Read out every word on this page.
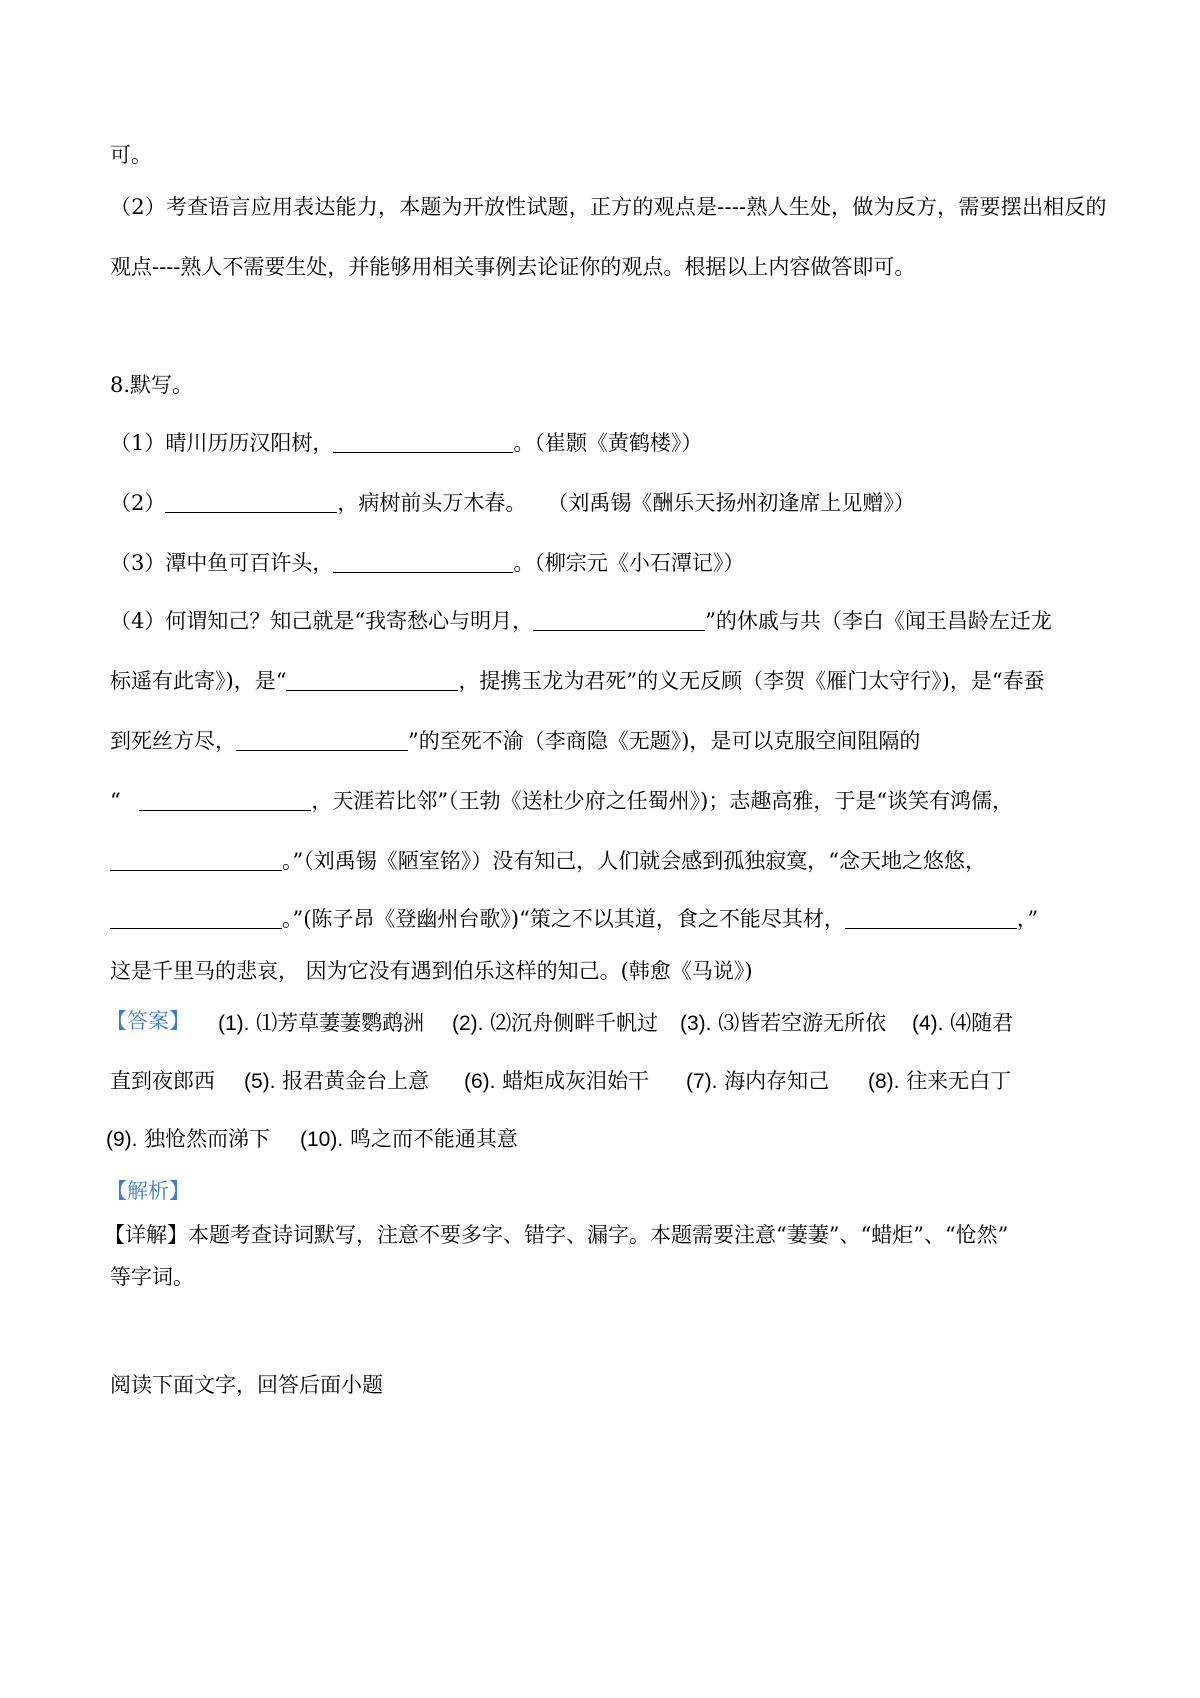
可。
（2）考查语言应用表达能力，本题为开放性试题，正方的观点是----熟人生处，做为反方，需要摆出相反的
观点----熟人不需要生处，并能够用相关事例去论证你的观点。根据以上内容做答即可。
8.默写。
（1）晴川历历汉阳树，	。（崔颢《黄鹤楼》）
（2）	，病树前头万木春。　　（刘禹锡《酬乐天扬州初逢席上见赠》）
（3）潭中鱼可百许头，	。（柳宗元《小石潭记》）
（4）何谓知己？知己就是“我寄愁心与明月，	”的休戚与共（李白《闻王昌龄左迁龙
标遥有此寄》)，是“	，提携玉龙为君死”的义无反顾（李贺《雁门太守行》)，是“春蚕
到死丝方尽，	”的至死不渝（李商隐《无题》)，是可以克服空间阻隔的
“	，天涯若比邻”（王勃《送杜少府之任蜀州》)；志趣高雅，于是“谈笑有鸿儒，
。”（刘禹锡《陋室铭》）没有知己，人们就会感到孤独寂寞，“念天地之悠悠，
。”(陈子昂《登幽州台歌》)“策之不以其道，食之不能尽其材，	，”
这是千里马的悲哀， 因为它没有遇到伯乐这样的知己。(韩愈《马说》)
【答案】 (1). ⑴芳草萋萋鹦鹉洲 (2). ⑵沉舟侧畔千帆过 (3). ⑶皆若空游无所依 (4). ⑷随君
直到夜郎西 (5). 报君黄金台上意 (6). 蜡炬成灰泪始干 (7). 海内存知己 (8). 往来无白丁
(9). 独怆然而涕下 (10). 鸣之而不能通其意
【解析】
【详解】本题考查诗词默写，注意不要多字、错字、漏字。本题需要注意“萋萋”、“蜡炬”、“怆然”
等字词。
阅读下面文字，回答后面小题
